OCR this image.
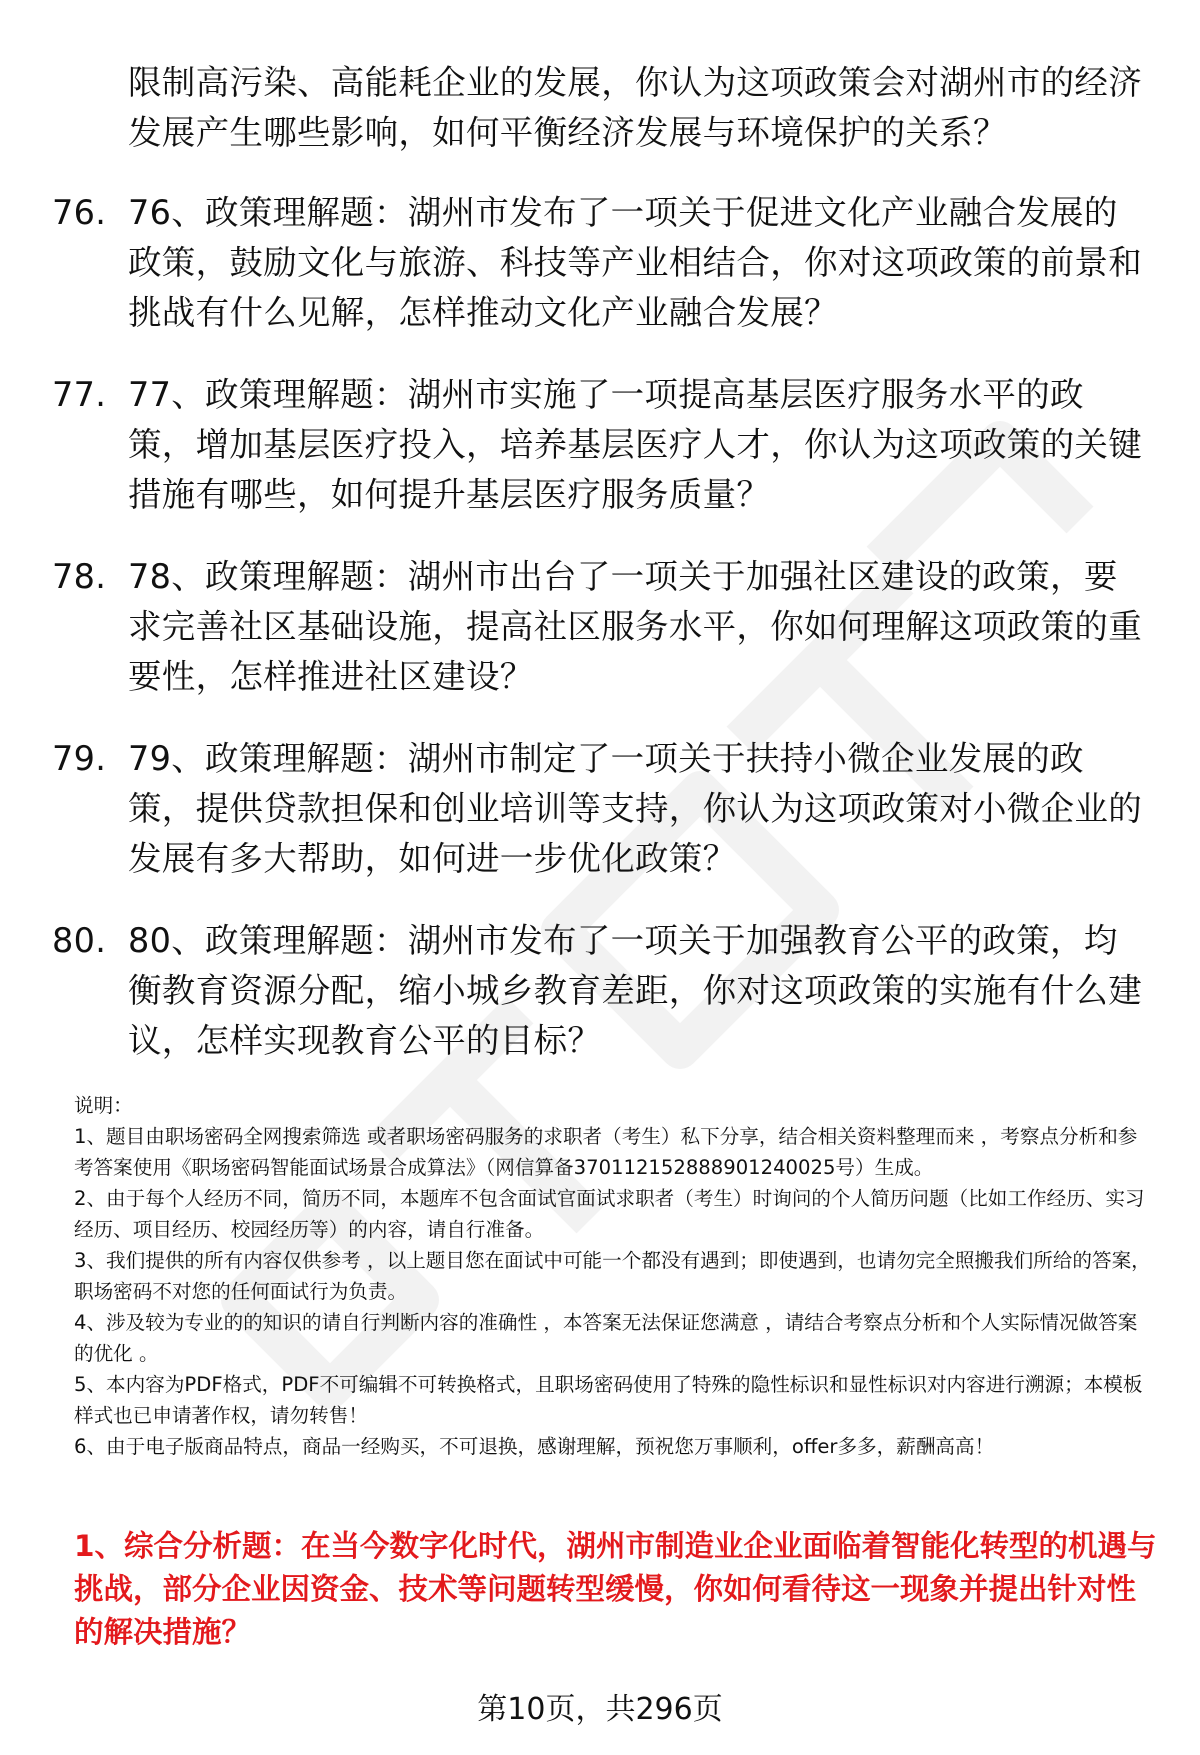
限制高污染、高能耗企业的发展，你认为这项政策会对湖州市的经济发展产生哪些影响，如何平衡经济发展与环境保护的关系？
76. 76、政策理解题：湖州市发布了一项关于促进文化产业融合发展的政策，鼓励文化与旅游、科技等产业相结合，你对这项政策的前景和挑战有什么见解，怎样推动文化产业融合发展？
77. 77、政策理解题：湖州市实施了一项提高基层医疗服务水平的政策，增加基层医疗投入，培养基层医疗人才，你认为这项政策的关键措施有哪些，如何提升基层医疗服务质量？
78. 78、政策理解题：湖州市出台了一项关于加强社区建设的政策，要求完善社区基础设施，提高社区服务水平，你如何理解这项政策的重要性，怎样推进社区建设？
79. 79、政策理解题：湖州市制定了一项关于扶持小微企业发展的政策，提供贷款担保和创业培训等支持，你认为这项政策对小微企业的发展有多大帮助，如何进一步优化政策？
80. 80、政策理解题：湖州市发布了一项关于加强教育公平的政策，均衡教育资源分配，缩小城乡教育差距，你对这项政策的实施有什么建议，怎样实现教育公平的目标？
说明：
1、题目由职场密码全网搜索筛选 或者职场密码服务的求职者（考生）私下分享，结合相关资料整理而来 ，考察点分析和参考答案使用《职场密码智能面试场景合成算法》（网信算备370112152888901240025号）生成。
2、由于每个人经历不同，简历不同，本题库不包含面试官面试求职者（考生）时询问的个人简历问题（比如工作经历、实习经历、项目经历、校园经历等）的内容，请自行准备。
3、我们提供的所有内容仅供参考 ，以上题目您在面试中可能一个都没有遇到；即使遇到，也请勿完全照搬我们所给的答案，职场密码不对您的任何面试行为负责。
4、涉及较为专业的的知识的请自行判断内容的准确性 ，本答案无法保证您满意 ，请结合考察点分析和个人实际情况做答案的优化 。
5、本内容为PDF格式，PDF不可编辑不可转换格式，且职场密码使用了特殊的隐性标识和显性标识对内容进行溯源；本模板样式也已申请著作权，请勿转售！
6、由于电子版商品特点，商品一经购买，不可退换，感谢理解，预祝您万事顺利，offer多多，薪酬高高！
1、综合分析题：在当今数字化时代，湖州市制造业企业面临着智能化转型的机遇与挑战，部分企业因资金、技术等问题转型缓慢，你如何看待这一现象并提出针对性的解决措施？
第10页，共296页
